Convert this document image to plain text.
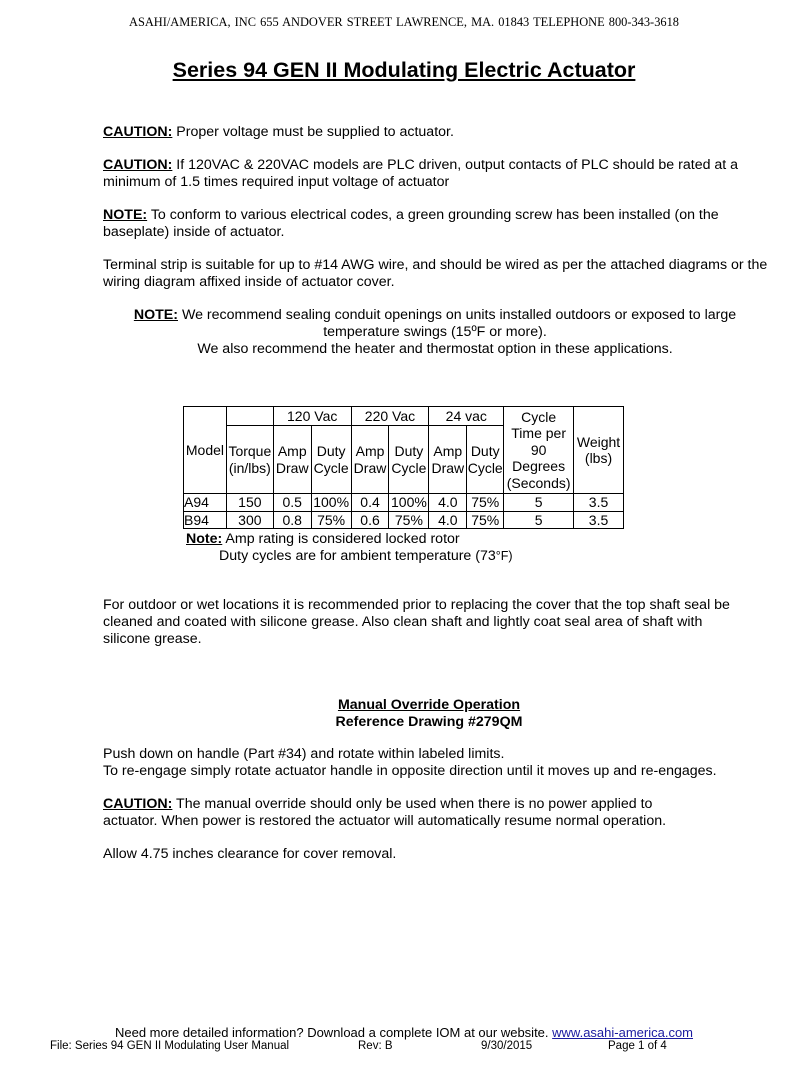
ASAHI/AMERICA, INC 655 ANDOVER STREET LAWRENCE, MA. 01843 TELEPHONE 800-343-3618
Series 94 GEN II Modulating Electric Actuator

CAUTION: Proper voltage must be supplied to actuator.

CAUTION: If 120VAC & 220VAC models are PLC driven, output contacts of PLC should be rated at a minimum of 1.5 times required input voltage of actuator

NOTE: To conform to various electrical codes, a green grounding screw has been installed (on the baseplate) inside of actuator.

Terminal strip is suitable for up to #14 AWG wire, and should be wired as per the attached diagrams or the wiring diagram affixed inside of actuator cover.

NOTE: We recommend sealing conduit openings on units installed outdoors or exposed to large temperature swings (15ºF or more).
We also recommend the heater and thermostat option in these applications.

Model		120 Vac		220 Vac		24 vac		Cycle Time per 90 Degrees (Seconds)	Weight (lbs)
	Torque (in/lbs)	Amp Draw	Duty Cycle	Amp Draw	Duty Cycle	Amp Draw	Duty Cycle		
A94	150	0.5	100%	0.4	100%	4.0	75%	5	3.5
B94	300	0.8	75%	0.6	75%	4.0	75%	5	3.5
Note: Amp rating is considered locked rotor
Duty cycles are for ambient temperature (73°F)

For outdoor or wet locations it is recommended prior to replacing the cover that the top shaft seal be cleaned and coated with silicone grease. Also clean shaft and lightly coat seal area of shaft with silicone grease.

Manual Override Operation
Reference Drawing #279QM

Push down on handle (Part #34) and rotate within labeled limits.
To re-engage simply rotate actuator handle in opposite direction until it moves up and re-engages.

CAUTION: The manual override should only be used when there is no power applied to
actuator. When power is restored the actuator will automatically resume normal operation.

Allow 4.75 inches clearance for cover removal.

Need more detailed information? Download a complete IOM at our website. www.asahi-america.com
File: Series 94 GEN II Modulating User Manual	Rev: B	9/30/2015	Page 1 of 4
